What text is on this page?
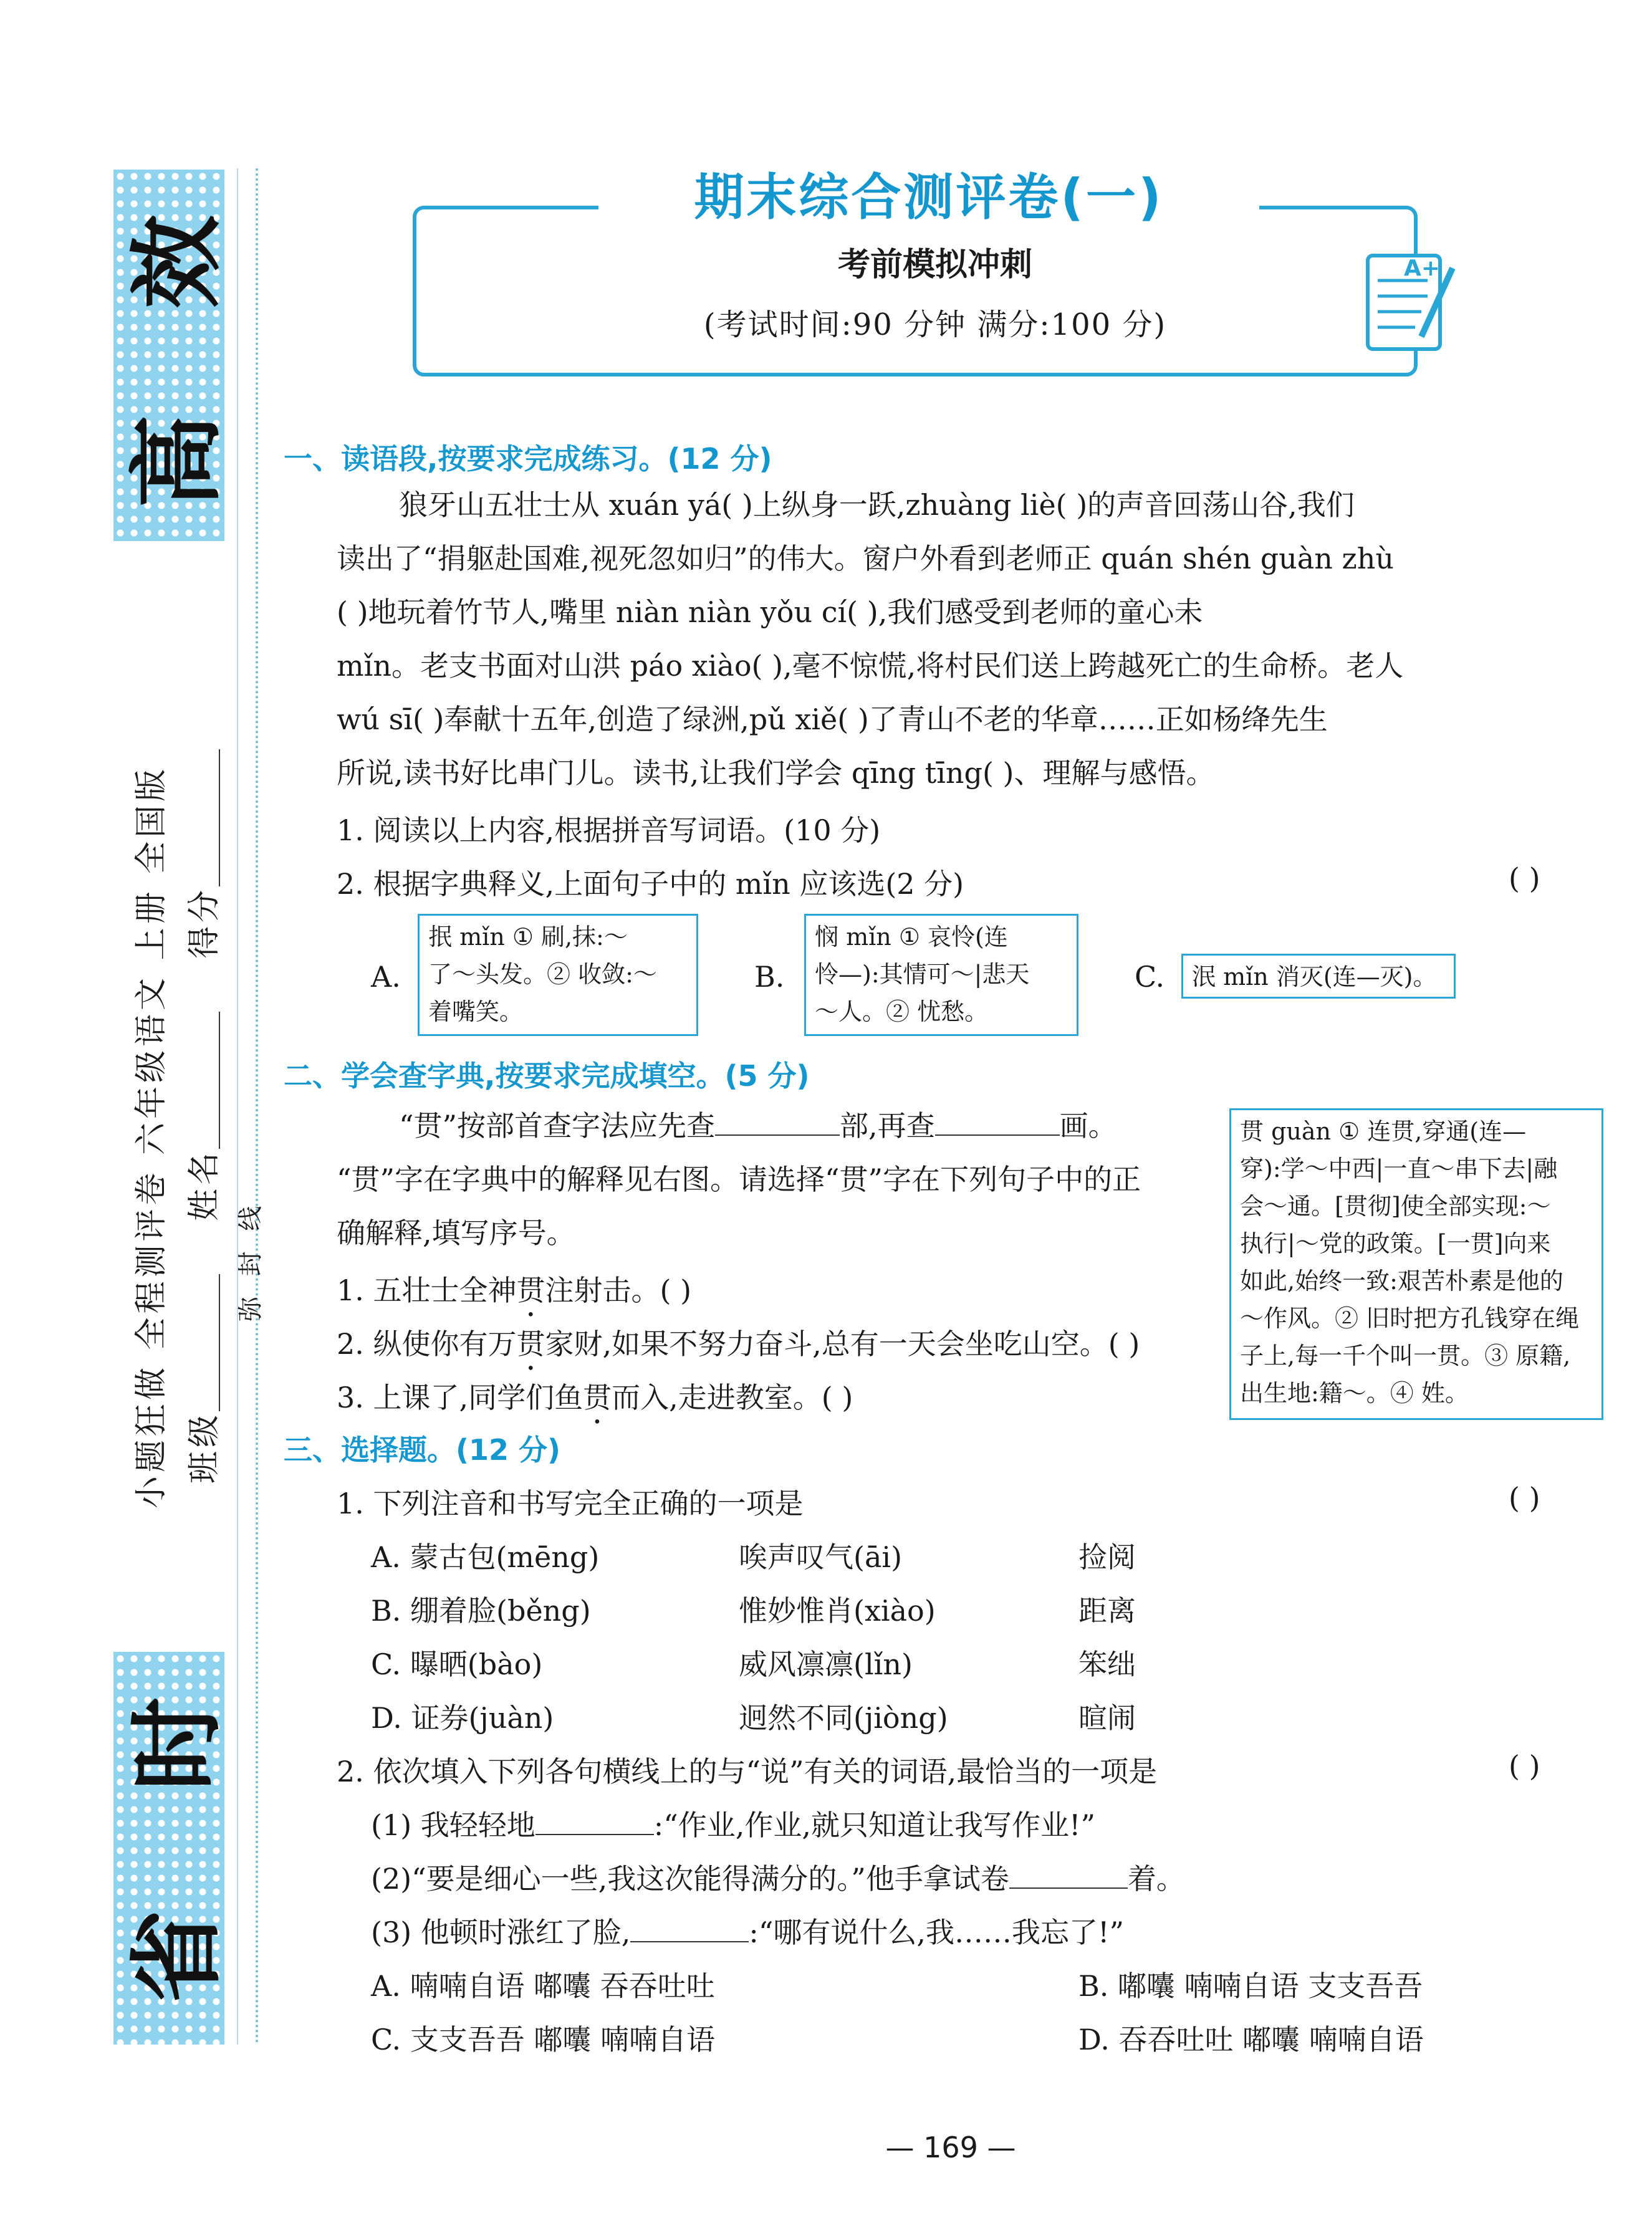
效
高
时
省
小题狂做 全程测评卷 六年级语文 上册 全国版 班级  姓名  得分
弥 封 线
期末综合测评卷(一)
考前模拟冲刺
(考试时间:90 分钟 满分:100 分)
A+
一、读语段,按要求完成练习。(12 分)
狼牙山五壮士从 xuán yá( )上纵身一跃,zhuàng liè( )的声音回荡山谷,我们
读出了“捐躯赴国难,视死忽如归”的伟大。窗户外看到老师正 quán shén guàn zhù
( )地玩着竹节人,嘴里 niàn niàn yǒu cí( ),我们感受到老师的童心未
mǐn。老支书面对山洪 páo xiào( ),毫不惊慌,将村民们送上跨越死亡的生命桥。老人
wú sī( )奉献十五年,创造了绿洲,pǔ xiě( )了青山不老的华章……正如杨绛先生
所说,读书好比串门儿。读书,让我们学会 qīng tīng( )、理解与感悟。
1. 阅读以上内容,根据拼音写词语。(10 分)
2. 根据字典释义,上面句子中的 mǐn 应该选(2 分)	( )
A.
抿 mǐn ① 刷,抹:～
了～头发。② 收敛:～
着嘴笑。
B.
悯 mǐn ① 哀怜(连
怜—):其情可～|悲天
～人。② 忧愁。
C. 泯 mǐn 消灭(连—灭)。
二、学会查字典,按要求完成填空。(5 分)
“贯”按部首查字法应先查	部,再查	画。
“贯”字在字典中的解释见右图。请选择“贯”字在下列句子中的正
确解释,填写序号。
1. 五壮士全神贯注射击。( )
2. 纵使你有万贯家财,如果不努力奋斗,总有一天会坐吃山空。( )
3. 上课了,同学们鱼贯而入,走进教室。( )
贯 guàn ① 连贯,穿通(连—
穿):学～中西|一直～串下去|融
会～通。[贯彻]使全部实现:～
执行|～党的政策。[一贯]向来
如此,始终一致:艰苦朴素是他的
～作风。② 旧时把方孔钱穿在绳
子上,每一千个叫一贯。③ 原籍,
出生地:籍～。④ 姓。
三、选择题。(12 分)
1. 下列注音和书写完全正确的一项是	( )
A. 蒙古包(mēng)	唉声叹气(āi)	捡阅
B. 绷着脸(běng)	惟妙惟肖(xiào)	距离
C. 曝晒(bào)	威风凛凛(lǐn)	笨绌
D. 证券(juàn)	迥然不同(jiòng)	暄闹
2. 依次填入下列各句横线上的与“说”有关的词语,最恰当的一项是	( )
(1) 我轻轻地	:“作业,作业,就只知道让我写作业!”
(2)“要是细心一些,我这次能得满分的。”他手拿试卷	着。
(3) 他顿时涨红了脸,	:“哪有说什么,我……我忘了!”
A. 喃喃自语 嘟囔 吞吞吐吐	B. 嘟囔 喃喃自语 支支吾吾
C. 支支吾吾 嘟囔 喃喃自语	D. 吞吞吐吐 嘟囔 喃喃自语
— 169 —
